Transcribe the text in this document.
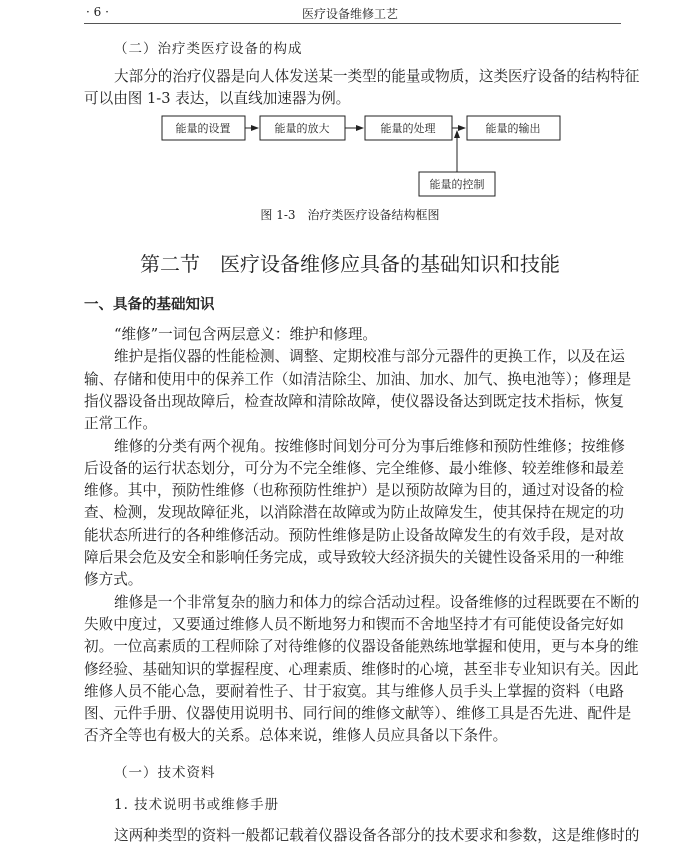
· 6 ·	医疗设备维修工艺
（二）治疗类医疗设备的构成
大部分的治疗仪器是向人体发送某一类型的能量或物质，这类医疗设备的结构特征
可以由图 1-3 表达，以直线加速器为例。
能量的设置	能量的放大	能量的处理	能量的输出
能量的控制
图 1-3　治疗类医疗设备结构框图
第二节　医疗设备维修应具备的基础知识和技能
一、具备的基础知识
“维修”一词包含两层意义：维护和修理。
维护是指仪器的性能检测、调整、定期校准与部分元器件的更换工作，以及在运
输、存储和使用中的保养工作（如清洁除尘、加油、加水、加气、换电池等）；修理是
指仪器设备出现故障后，检查故障和清除故障，使仪器设备达到既定技术指标，恢复
正常工作。
维修的分类有两个视角。按维修时间划分可分为事后维修和预防性维修；按维修
后设备的运行状态划分，可分为不完全维修、完全维修、最小维修、较差维修和最差
维修。其中，预防性维修（也称预防性维护）是以预防故障为目的，通过对设备的检
查、检测，发现故障征兆，以消除潜在故障或为防止故障发生，使其保持在规定的功
能状态所进行的各种维修活动。预防性维修是防止设备故障发生的有效手段，是对故
障后果会危及安全和影响任务完成，或导致较大经济损失的关键性设备采用的一种维
修方式。
维修是一个非常复杂的脑力和体力的综合活动过程。设备维修的过程既要在不断的
失败中度过，又要通过维修人员不断地努力和锲而不舍地坚持才有可能使设备完好如
初。一位高素质的工程师除了对待维修的仪器设备能熟练地掌握和使用，更与本身的维
修经验、基础知识的掌握程度、心理素质、维修时的心境，甚至非专业知识有关。因此
维修人员不能心急，要耐着性子、甘于寂寞。其与维修人员手头上掌握的资料（电路
图、元件手册、仪器使用说明书、同行间的维修文献等）、维修工具是否先进、配件是
否齐全等也有极大的关系。总体来说，维修人员应具备以下条件。
（一）技术资料
1. 技术说明书或维修手册
这两种类型的资料一般都记载着仪器设备各部分的技术要求和参数，这是维修时的
